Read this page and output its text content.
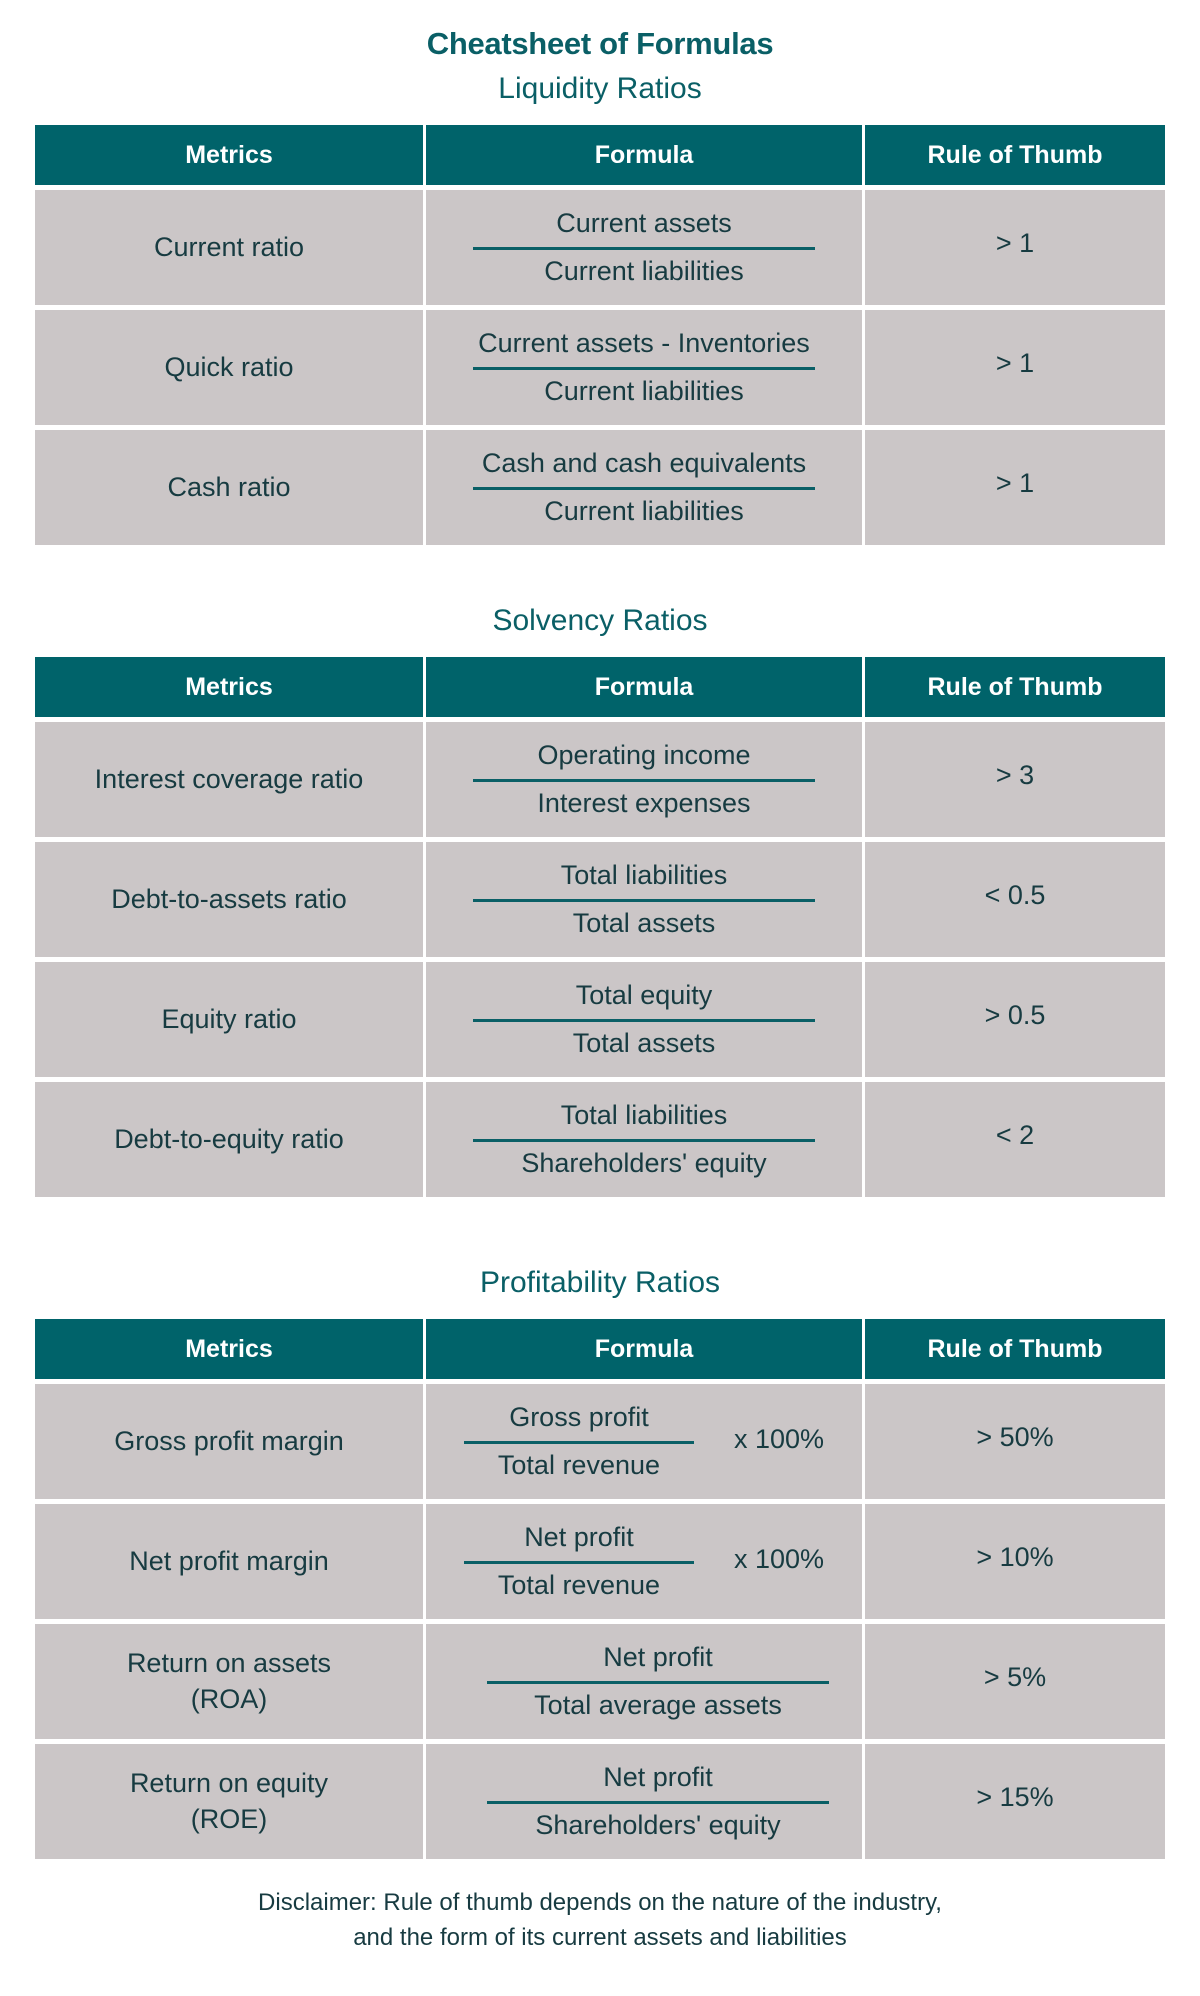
Cheatsheet of Formulas
Liquidity Ratios
Metrics	Formula	Rule of Thumb
Current ratio	$\frac{\text{Current assets}}{\text{Current liabilities}}$	> 1
Quick ratio	$\frac{\text{Current assets - Inventories}}{\text{Current liabilities}}$	> 1
Cash ratio	$\frac{\text{Cash and cash equivalents}}{\text{Current liabilities}}$	> 1
Solvency Ratios
Metrics	Formula	Rule of Thumb
Interest coverage ratio	$\frac{\text{Operating income}}{\text{Interest expenses}}$	> 3
Debt-to-assets ratio	$\frac{\text{Total liabilities}}{\text{Total assets}}$	< 0.5
Equity ratio	$\frac{\text{Total equity}}{\text{Total assets}}$	> 0.5
Debt-to-equity ratio	$\frac{\text{Total liabilities}}{\text{Shareholders' equity}}$	< 2
Profitability Ratios
Metrics	Formula	Rule of Thumb
Gross profit margin	$\frac{\text{Gross profit}}{\text{Total revenue}}$ x 100%	> 50%
Net profit margin	$\frac{\text{Net profit}}{\text{Total revenue}}$ x 100%	> 10%
Return on assets
(ROA)	$\frac{\text{Net profit}}{\text{Total average assets}}$	> 5%
Return on equity
(ROE)	$\frac{\text{Net profit}}{\text{Shareholders' equity}}$	> 15%
Disclaimer: Rule of thumb depends on the nature of the industry,
and the form of its current assets and liabilities
